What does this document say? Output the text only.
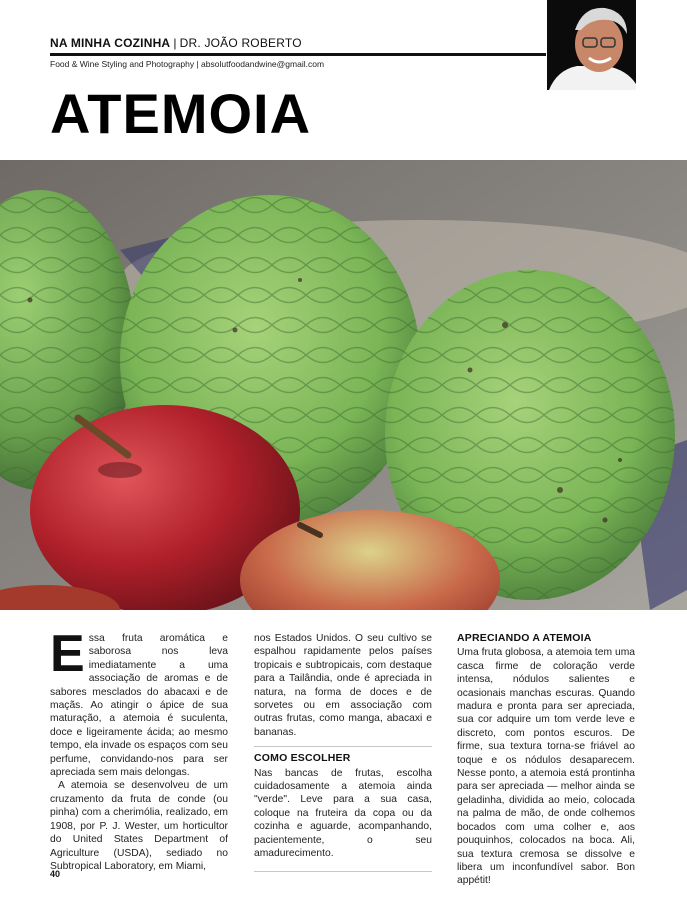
NA MINHA COZINHA | DR. JOÃO ROBERTO
Food & Wine Styling and Photography | absolutfoodandwine@gmail.com
ATEMOIA
E ssa fruta aromática e saborosa nos leva imediatamente a uma associação de aromas e de sabores mesclados do abacaxi e de maçãs. Ao atingir o ápice de sua maturação, a atemoia é suculenta, doce e ligeiramente ácida; ao mesmo tempo, ela invade os espaços com seu perfume, convidando-nos para ser apreciada sem mais delongas.

A atemoia se desenvolveu de um cruzamento da fruta de conde (ou pinha) com a cherimólia, realizado, em 1908, por P. J. Wester, um horticultor do United States Department of Agriculture (USDA), sediado no Subtropical Laboratory, em Miami,

nos Estados Unidos. O seu cultivo se espalhou rapidamente pelos países tropicais e subtropicais, com destaque para a Tailândia, onde é apreciada in natura, na forma de doces e de sorvetes ou em associação com outras frutas, como manga, abacaxi e bananas.

COMO ESCOLHER

Nas bancas de frutas, escolha cuidadosamente a atemoia ainda "verde". Leve para a sua casa, coloque na fruteira da copa ou da cozinha e aguarde, acompanhando, pacientemente, o seu amadurecimento.

APRECIANDO A ATEMOIA

Uma fruta globosa, a atemoia tem uma casca firme de coloração verde intensa, nódulos salientes e ocasionais manchas escuras. Quando madura e pronta para ser apreciada, sua cor adquire um tom verde leve e discreto, com pontos escuros. De firme, sua textura torna-se friável ao toque e os nódulos desaparecem. Nesse ponto, a atemoia está prontinha para ser apreciada — melhor ainda se geladinha, dividida ao meio, colocada na palma de mão, de onde colhemos bocados com uma colher e, aos pouquinhos, colocados na boca. Ali, sua textura cremosa se dissolve e libera um inconfundível sabor. Bon appétit!

40
